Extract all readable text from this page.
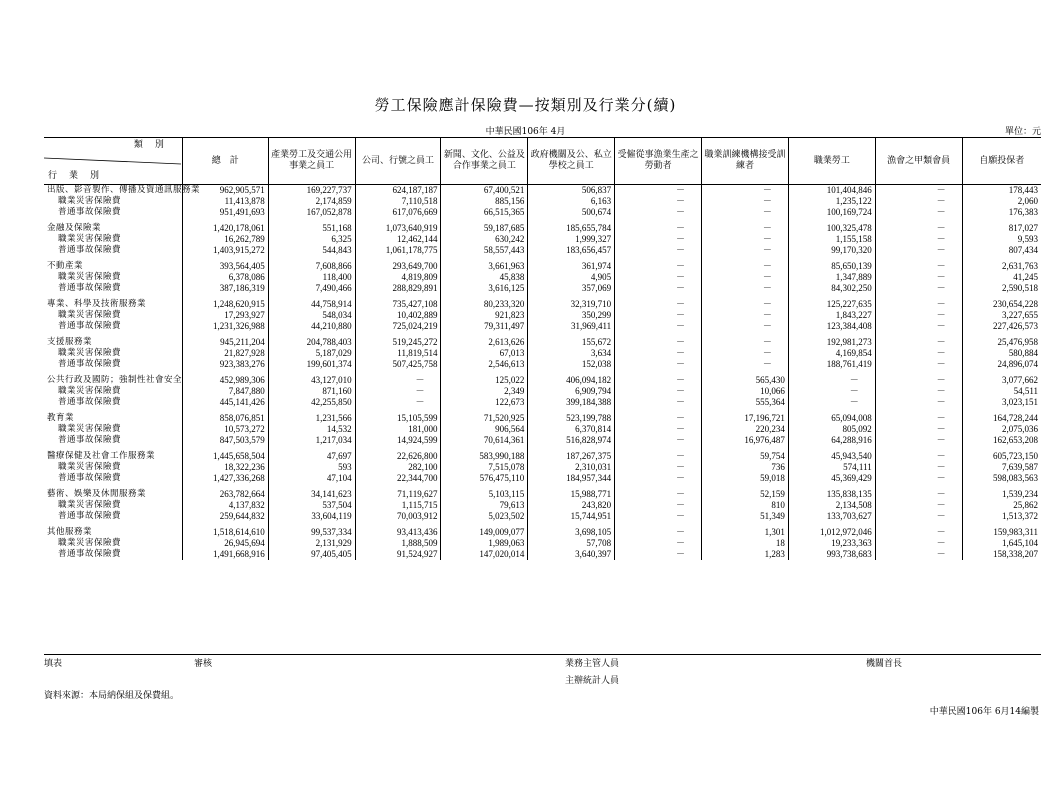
勞工保險應計保險費—按類別及行業分(續)
中華民國106年 4月	單位：元
類別
行業別	總　計	產業勞工及交通公用事業之員工	公司、行號之員工	新聞、文化、公益及合作事業之員工	政府機關及公、私立學校之員工	受僱從事漁業生產之勞動者	職業訓練機構接受訓練者	職業勞工	漁會之甲類會員	自願投保者
出版、影音製作、傳播及資通訊服務業	962,905,571	169,227,737	624,187,187	67,400,521	506,837	－	－	101,404,846	－	178,443
職業災害保險費	11,413,878	2,174,859	7,110,518	885,156	6,163	－	－	1,235,122	－	2,060
普通事故保險費	951,491,693	167,052,878	617,076,669	66,515,365	500,674	－	－	100,169,724	－	176,383

金融及保險業	1,420,178,061	551,168	1,073,640,919	59,187,685	185,655,784	－	－	100,325,478	－	817,027
職業災害保險費	16,262,789	6,325	12,462,144	630,242	1,999,327	－	－	1,155,158	－	9,593
普通事故保險費	1,403,915,272	544,843	1,061,178,775	58,557,443	183,656,457	－	－	99,170,320	－	807,434

不動產業	393,564,405	7,608,866	293,649,700	3,661,963	361,974	－	－	85,650,139	－	2,631,763
職業災害保險費	6,378,086	118,400	4,819,809	45,838	4,905	－	－	1,347,889	－	41,245
普通事故保險費	387,186,319	7,490,466	288,829,891	3,616,125	357,069	－	－	84,302,250	－	2,590,518

專業、科學及技術服務業	1,248,620,915	44,758,914	735,427,108	80,233,320	32,319,710	－	－	125,227,635	－	230,654,228
職業災害保險費	17,293,927	548,034	10,402,889	921,823	350,299	－	－	1,843,227	－	3,227,655
普通事故保險費	1,231,326,988	44,210,880	725,024,219	79,311,497	31,969,411	－	－	123,384,408	－	227,426,573

支援服務業	945,211,204	204,788,403	519,245,272	2,613,626	155,672	－	－	192,981,273	－	25,476,958
職業災害保險費	21,827,928	5,187,029	11,819,514	67,013	3,634	－	－	4,169,854	－	580,884
普通事故保險費	923,383,276	199,601,374	507,425,758	2,546,613	152,038	－	－	188,761,419	－	24,896,074

公共行政及國防；強制性社會安全	452,989,306	43,127,010	－	125,022	406,094,182	－	565,430	－	－	3,077,662
職業災害保險費	7,847,880	871,160	－	2,349	6,909,794	－	10,066	－	－	54,511
普通事故保險費	445,141,426	42,255,850	－	122,673	399,184,388	－	555,364	－	－	3,023,151

教育業	858,076,851	1,231,566	15,105,599	71,520,925	523,199,788	－	17,196,721	65,094,008	－	164,728,244
職業災害保險費	10,573,272	14,532	181,000	906,564	6,370,814	－	220,234	805,092	－	2,075,036
普通事故保險費	847,503,579	1,217,034	14,924,599	70,614,361	516,828,974	－	16,976,487	64,288,916	－	162,653,208

醫療保健及社會工作服務業	1,445,658,504	47,697	22,626,800	583,990,188	187,267,375	－	59,754	45,943,540	－	605,723,150
職業災害保險費	18,322,236	593	282,100	7,515,078	2,310,031	－	736	574,111	－	7,639,587
普通事故保險費	1,427,336,268	47,104	22,344,700	576,475,110	184,957,344	－	59,018	45,369,429	－	598,083,563

藝術、娛樂及休閒服務業	263,782,664	34,141,623	71,119,627	5,103,115	15,988,771	－	52,159	135,838,135	－	1,539,234
職業災害保險費	4,137,832	537,504	1,115,715	79,613	243,820	－	810	2,134,508	－	25,862
普通事故保險費	259,644,832	33,604,119	70,003,912	5,023,502	15,744,951	－	51,349	133,703,627	－	1,513,372

其他服務業	1,518,614,610	99,537,334	93,413,436	149,009,077	3,698,105	－	1,301	1,012,972,046	－	159,983,311
職業災害保險費	26,945,694	2,131,929	1,888,509	1,989,063	57,708	－	18	19,233,363	－	1,645,104
普通事故保險費	1,491,668,916	97,405,405	91,524,927	147,020,014	3,640,397	－	1,283	993,738,683	－	158,338,207
填表	審核	業務主管人員	機關首長
主辦統計人員
資料來源：本局納保組及保費組。
中華民國106年 6月14編製
